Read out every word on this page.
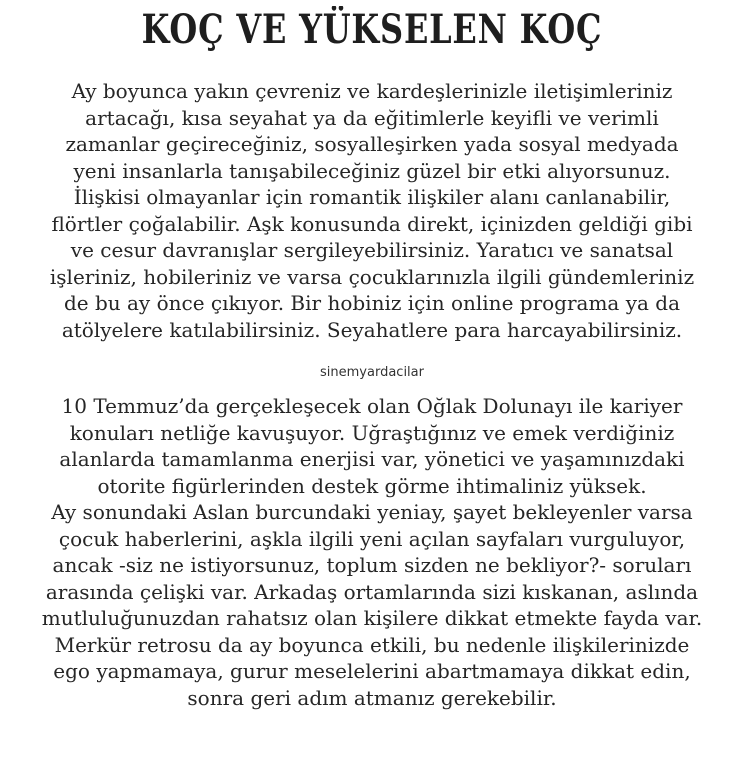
KOÇ VE YÜKSELEN KOÇ
Ay boyunca yakın çevreniz ve kardeşlerinizle iletişimleriniz
artacağı, kısa seyahat ya da eğitimlerle keyifli ve verimli
zamanlar geçireceğiniz, sosyalleşirken yada sosyal medyada
yeni insanlarla tanışabileceğiniz güzel bir etki alıyorsunuz.
İlişkisi olmayanlar için romantik ilişkiler alanı canlanabilir,
flörtler çoğalabilir. Aşk konusunda direkt, içinizden geldiği gibi
ve cesur davranışlar sergileyebilirsiniz. Yaratıcı ve sanatsal
işleriniz, hobileriniz ve varsa çocuklarınızla ilgili gündemleriniz
de bu ay önce çıkıyor. Bir hobiniz için online programa ya da
atölyelere katılabilirsiniz. Seyahatlere para harcayabilirsiniz.
sinemyardacilar
10 Temmuz’da gerçekleşecek olan Oğlak Dolunayı ile kariyer
konuları netliğe kavuşuyor. Uğraştığınız ve emek verdiğiniz
alanlarda tamamlanma enerjisi var, yönetici ve yaşamınızdaki
otorite figürlerinden destek görme ihtimaliniz yüksek.
Ay sonundaki Aslan burcundaki yeniay, şayet bekleyenler varsa
çocuk haberlerini, aşkla ilgili yeni açılan sayfaları vurguluyor,
ancak -siz ne istiyorsunuz, toplum sizden ne bekliyor?- soruları
arasında çelişki var. Arkadaş ortamlarında sizi kıskanan, aslında
mutluluğunuzdan rahatsız olan kişilere dikkat etmekte fayda var.
Merkür retrosu da ay boyunca etkili, bu nedenle ilişkilerinizde
ego yapmamaya, gurur meselelerini abartmamaya dikkat edin,
sonra geri adım atmanız gerekebilir.
